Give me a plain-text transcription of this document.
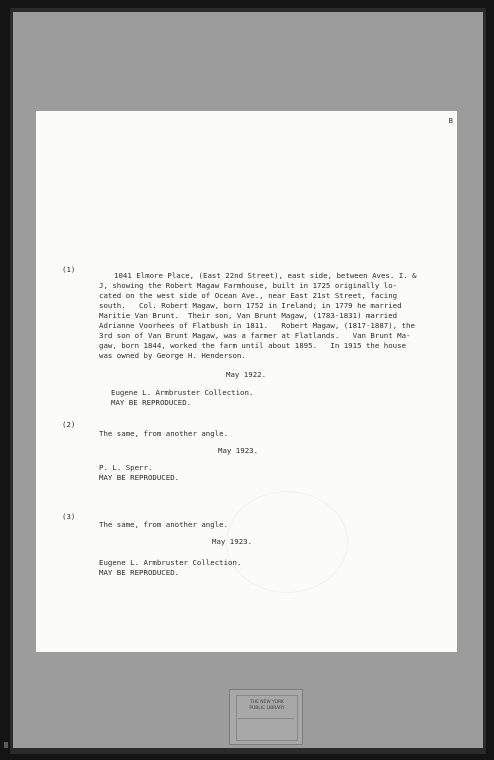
B
(1)
1041 Elmore Place, (East 22nd Street), east side, between Aves. I. &
J, showing the Robert Magaw Farmhouse, built in 1725 originally lo-
cated on the west side of Ocean Ave., near East 21st Street, facing
south.   Col. Robert Magaw, born 1752 in Ireland; in 1779 he married
Maritie Van Brunt.  Their son, Van Brunt Magaw, (1783-1831) married
Adrianne Voorhees of Flatbush in 1811.   Robert Magaw, (1817-1887), the
3rd son of Van Brunt Magaw, was a farmer at Flatlands.   Van Brunt Ma-
gaw, born 1844, worked the farm until about 1895.   In 1915 the house
was owned by George H. Henderson.
May 1922.
Eugene L. Armbruster Collection.
MAY BE REPRODUCED.
(2)
The same, from another angle.
May 1923.
P. L. Sperr.
MAY BE REPRODUCED.
(3)
The same, from another angle.
May 1923.
Eugene L. Armbruster Collection.
MAY BE REPRODUCED.
THE NEW YORK
PUBLIC LIBRARY
